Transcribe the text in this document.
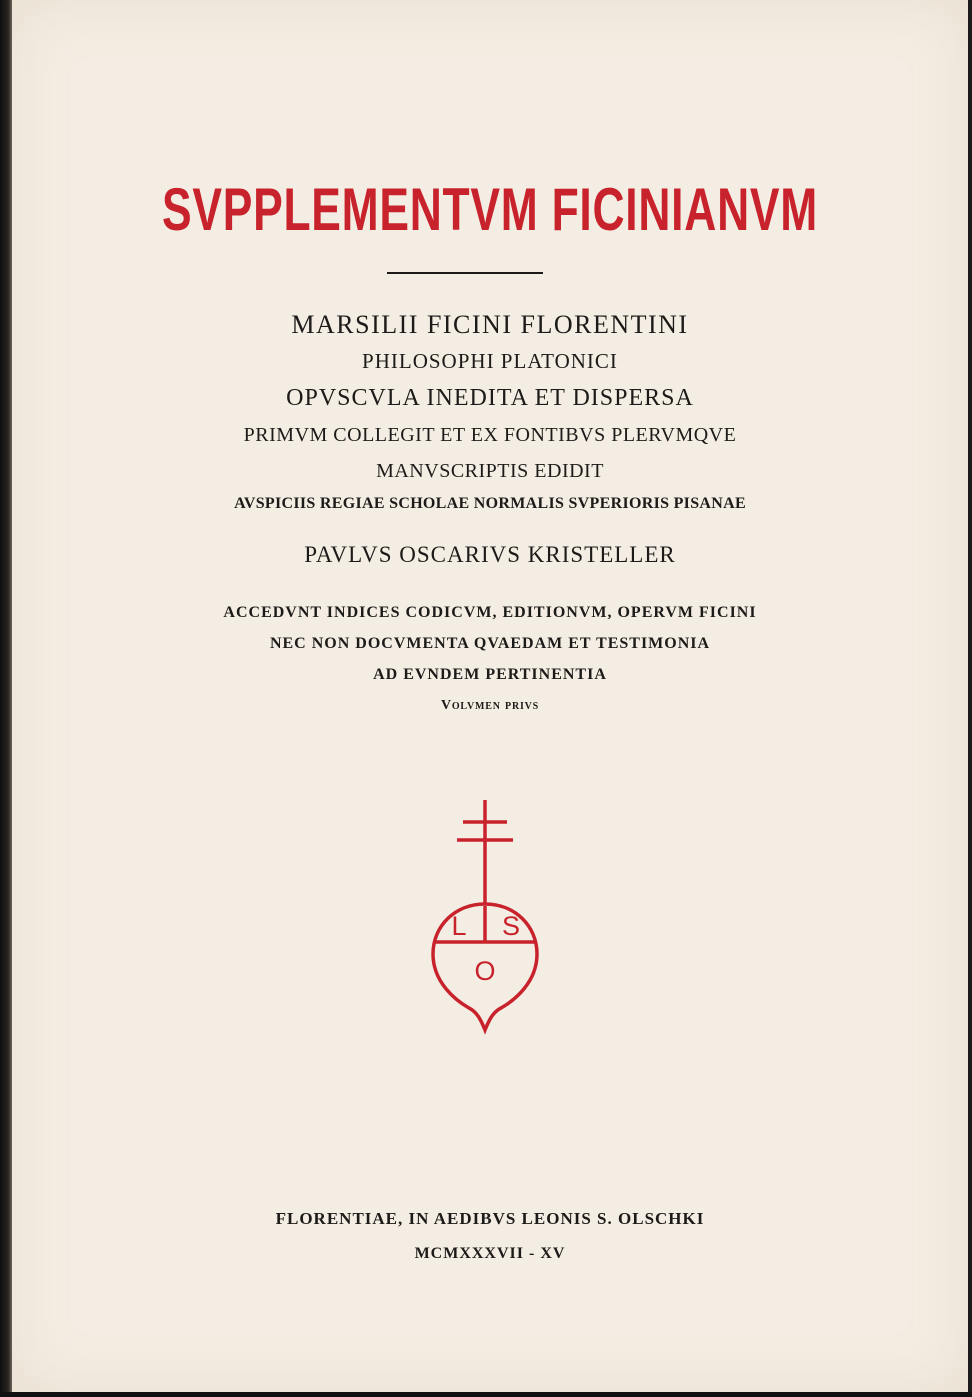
SVPPLEMENTVM FICINIANVM
MARSILII FICINI FLORENTINI
PHILOSOPHI PLATONICI
OPVSCVLA INEDITA ET DISPERSA
PRIMVM COLLEGIT ET EX FONTIBVS PLERVMQVE
MANVSCRIPTIS EDIDIT
AVSPICIIS REGIAE SCHOLAE NORMALIS SVPERIORIS PISANAE
PAVLVS OSCARIVS KRISTELLER
ACCEDVNT INDICES CODICVM, EDITIONVM, OPERVM FICINI
NEC NON DOCVMENTA QVAEDAM ET TESTIMONIA
AD EVNDEM PERTINENTIA
Volvmen privs
L S
O
FLORENTIAE, IN AEDIBVS LEONIS S. OLSCHKI
MCMXXXVII - XV
